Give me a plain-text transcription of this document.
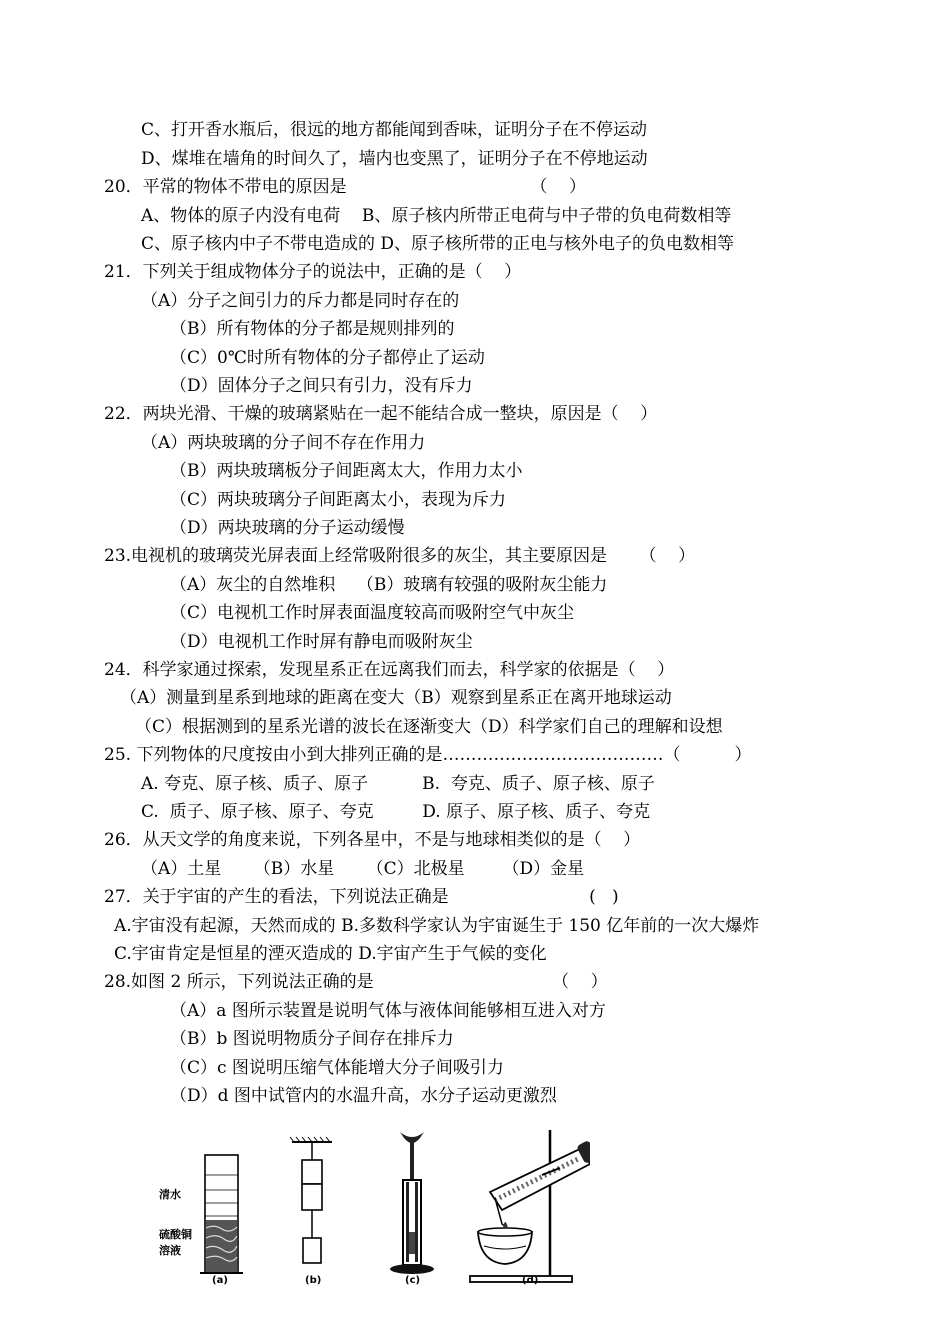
C、打开香水瓶后，很远的地方都能闻到香味，证明分子在不停运动
D、煤堆在墙角的时间久了，墙内也变黑了，证明分子在不停地运动
20．平常的物体不带电的原因是                                  （    ）
A、物体的原子内没有电荷    B、原子核内所带正电荷与中子带的负电荷数相等
C、原子核内中子不带电造成的 D、原子核所带的正电与核外电子的负电数相等
21．下列关于组成物体分子的说法中，正确的是（    ）
（A）分子之间引力的斥力都是同时存在的
（B）所有物体的分子都是规则排列的
（C）0℃时所有物体的分子都停止了运动
（D）固体分子之间只有引力，没有斥力
22．两块光滑、干燥的玻璃紧贴在一起不能结合成一整块，原因是（    ）
（A）两块玻璃的分子间不存在作用力
（B）两块玻璃板分子间距离太大，作用力太小
（C）两块玻璃分子间距离太小，表现为斥力
（D）两块玻璃的分子运动缓慢
23.电视机的玻璃荧光屏表面上经常吸附很多的灰尘，其主要原因是      （    ）
（A）灰尘的自然堆积    （B）玻璃有较强的吸附灰尘能力
（C）电视机工作时屏表面温度较高而吸附空气中灰尘
（D）电视机工作时屏有静电而吸附灰尘
24．科学家通过探索，发现星系正在远离我们而去，科学家的依据是（    ）
（A）测量到星系到地球的距离在变大（B）观察到星系正在离开地球运动
（C）根据测到的星系光谱的波长在逐渐变大（D）科学家们自己的理解和设想
25. 下列物体的尺度按由小到大排列正确的是…………………………………（          ）
A. 夸克、原子核、质子、原子          B.  夸克、质子、原子核、原子
C.  质子、原子核、原子、夸克         D. 原子、原子核、质子、夸克
26．从天文学的角度来说，下列各星中，不是与地球相类似的是（    ）
（A）土星      （B）水星      （C）北极星       （D）金星
27．关于宇宙的产生的看法，下列说法正确是                          (   )
A.宇宙没有起源，天然而成的 B.多数科学家认为宇宙诞生于 150 亿年前的一次大爆炸
C.宇宙肯定是恒星的湮灭造成的 D.宇宙产生于气候的变化
28.如图 2 所示，下列说法正确的是                                 （    ）
（A）a 图所示装置是说明气体与液体间能够相互进入对方
（B）b 图说明物质分子间存在排斥力
（C）c 图说明压缩气体能增大分子间吸引力
（D）d 图中试管内的水温升高，水分子运动更激烈
清水
硫酸铜
溶液
(a)	(b)	(c)	(d)
